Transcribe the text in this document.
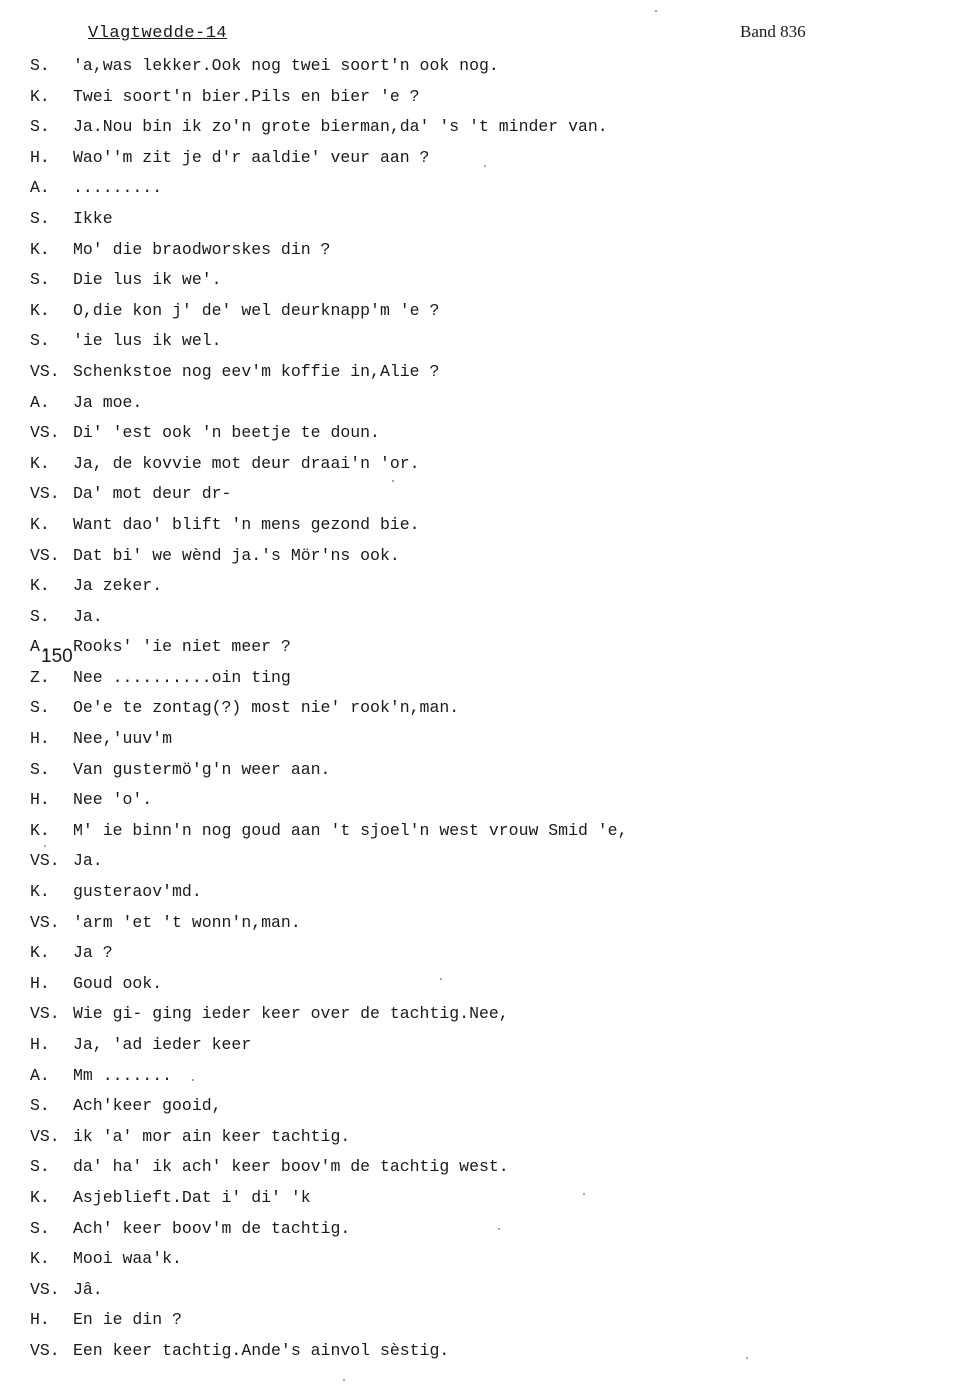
Vlagtwedde-14	Band 836
150
S.	'a,was lekker.Ook nog twei soort'n ook nog.
K.	Twei soort'n bier.Pils en bier 'e ?
S.	Ja.Nou bin ik zo'n grote bierman,da' 's 't minder van.
H.	Wao''m zit je d'r aaldie' veur aan ?
A.	.........
S.	Ikke
K.	Mo' die braodworskes din ?
S.	Die lus ik we'.
K.	O,die kon j' de' wel deurknapp'm 'e ?
S.	'ie lus ik wel.
VS. Schenkstoe nog eev'm koffie in,Alie ?
A.	Ja moe.
VS. Di' 'est ook 'n beetje te doun.
K.	Ja, de kovvie mot deur draai'n 'or.
VS. Da' mot deur dr-
K.	Want dao' blift 'n mens gezond bie.
VS. Dat bi' we wènd ja.'s Mör'ns ook.
K.	Ja zeker.
S.	Ja.
A.	Rooks' 'ie niet meer ?
Z.	Nee ..........oin ting
S.	Oe'e te zontag(?) most nie' rook'n,man.
H.	Nee,'uuv'm
S.	Van gustermö'g'n weer aan.
H.	Nee 'o'.
K.	M' ie binn'n nog goud aan 't sjoel'n west vrouw Smid 'e,
VS. Ja.
K.	gusteraov'md.
VS. 'arm 'et 't wonn'n,man.
K.	Ja ?
H.	Goud ook.
VS. Wie gi- ging ieder keer over de tachtig.Nee,
H.	Ja, 'ad ieder keer
A.	Mm .......
S.	Ach'keer gooid,
VS. ik 'a' mor ain keer tachtig.
S.	da' ha' ik ach' keer boov'm de tachtig west.
K.	Asjeblieft.Dat i' di' 'k
S.	Ach' keer boov'm de tachtig.
K.	Mooi waa'k.
VS. Jâ.
H.	En ie din ?
VS. Een keer tachtig.Ande's ainvol sèstig.
